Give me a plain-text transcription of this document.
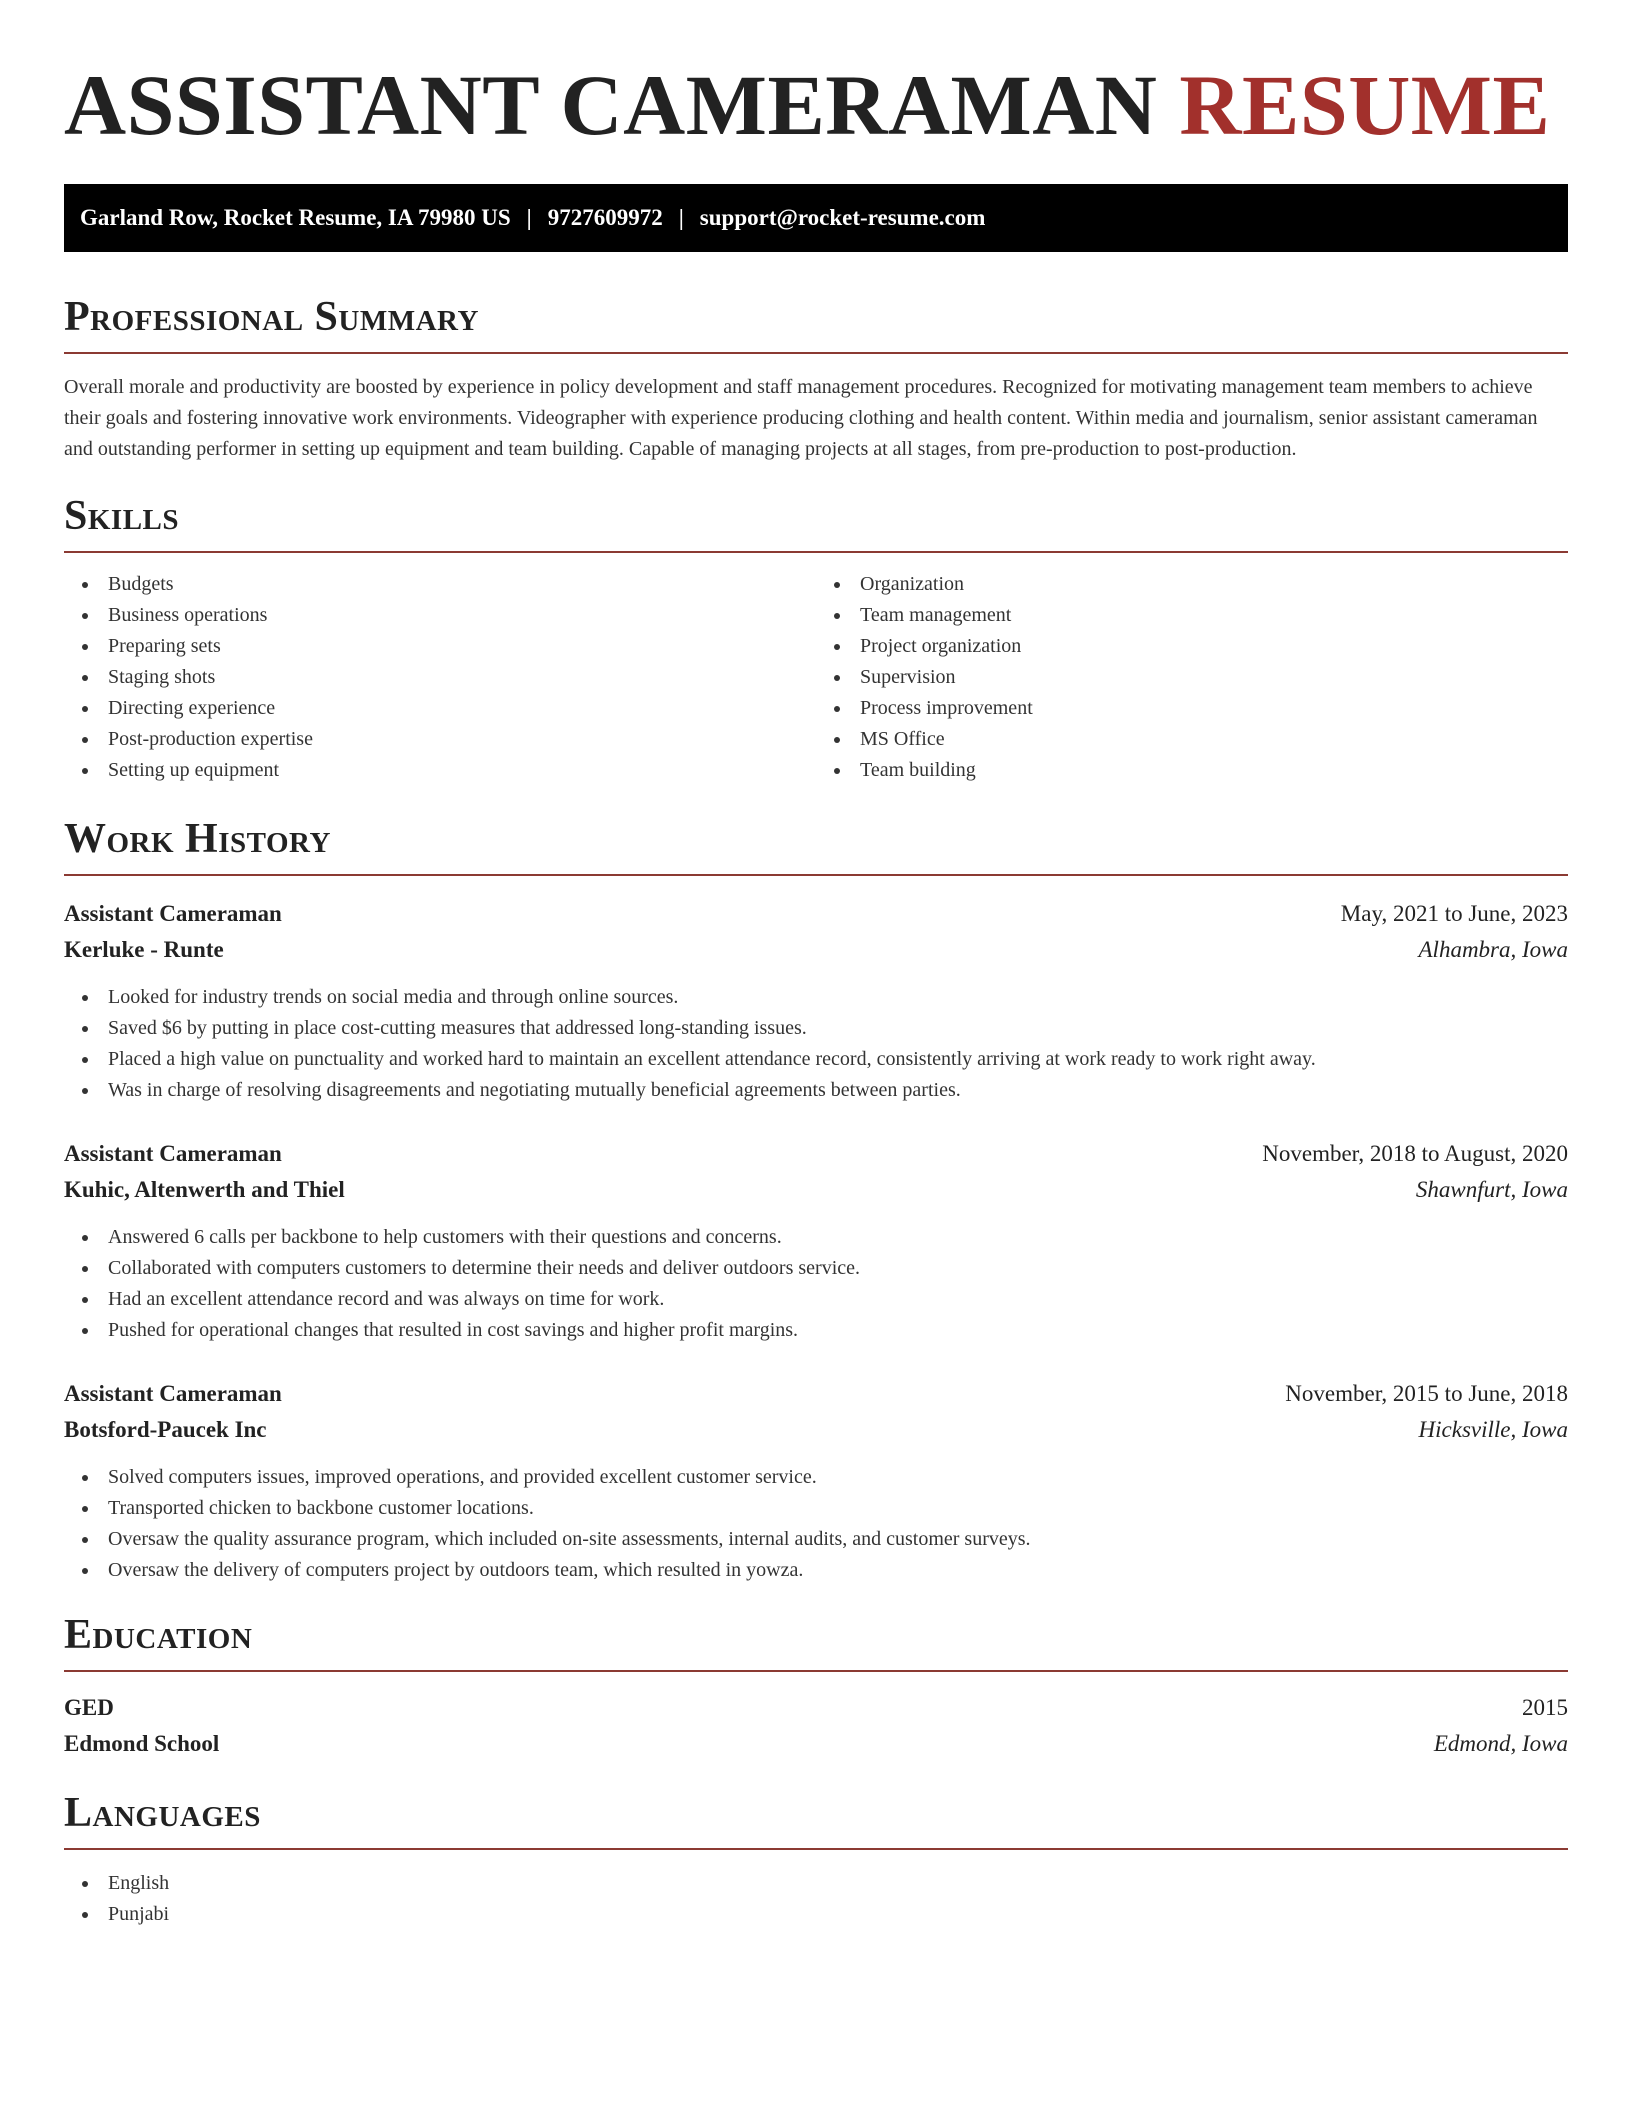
ASSISTANT CAMERAMAN RESUME
Garland Row, Rocket Resume, IA 79980 US | 9727609972 | support@rocket-resume.com
Professional Summary

Overall morale and productivity are boosted by experience in policy development and staff management procedures. Recognized for motivating management team members to achieve their goals and fostering innovative work environments. Videographer with experience producing clothing and health content. Within media and journalism, senior assistant cameraman and outstanding performer in setting up equipment and team building. Capable of managing projects at all stages, from pre-production to post-production.

Skills
Budgets
Business operations
Preparing sets
Staging shots
Directing experience
Post-production expertise
Setting up equipment
Organization
Team management
Project organization
Supervision
Process improvement
MS Office
Team building
Work History
Assistant Cameraman	May, 2021 to June, 2023
Kerluke - Runte	Alhambra, Iowa
Looked for industry trends on social media and through online sources.
Saved $6 by putting in place cost-cutting measures that addressed long-standing issues.
Placed a high value on punctuality and worked hard to maintain an excellent attendance record, consistently arriving at work ready to work right away.
Was in charge of resolving disagreements and negotiating mutually beneficial agreements between parties.
Assistant Cameraman	November, 2018 to August, 2020
Kuhic, Altenwerth and Thiel	Shawnfurt, Iowa
Answered 6 calls per backbone to help customers with their questions and concerns.
Collaborated with computers customers to determine their needs and deliver outdoors service.
Had an excellent attendance record and was always on time for work.
Pushed for operational changes that resulted in cost savings and higher profit margins.
Assistant Cameraman	November, 2015 to June, 2018
Botsford-Paucek Inc	Hicksville, Iowa
Solved computers issues, improved operations, and provided excellent customer service.
Transported chicken to backbone customer locations.
Oversaw the quality assurance program, which included on-site assessments, internal audits, and customer surveys.
Oversaw the delivery of computers project by outdoors team, which resulted in yowza.
Education
GED	2015
Edmond School	Edmond, Iowa
Languages
English
Punjabi
